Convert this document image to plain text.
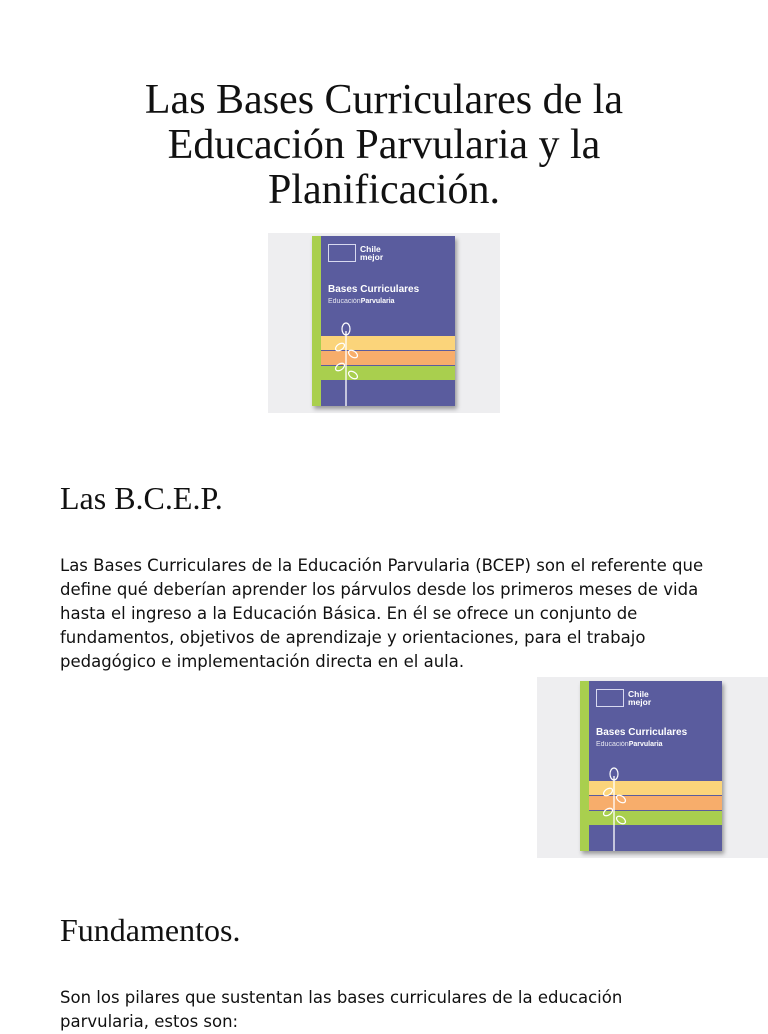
Las Bases Curriculares de la Educación Parvularia y la Planificación.
Chile
mejor
Bases Curriculares
EducaciónParvularia
Las B.C.E.P.

Las Bases Curriculares de la Educación Parvularia (BCEP) son el referente que define qué deberían aprender los párvulos desde los primeros meses de vida hasta el ingreso a la Educación Básica. En él se ofrece un conjunto de fundamentos, objetivos de aprendizaje y orientaciones, para el trabajo pedagógico e implementación directa en el aula.

Chile
mejor
Bases Curriculares
EducaciónParvularia
Fundamentos.

Son los pilares que sustentan las bases curriculares de la educación parvularia, estos son:
